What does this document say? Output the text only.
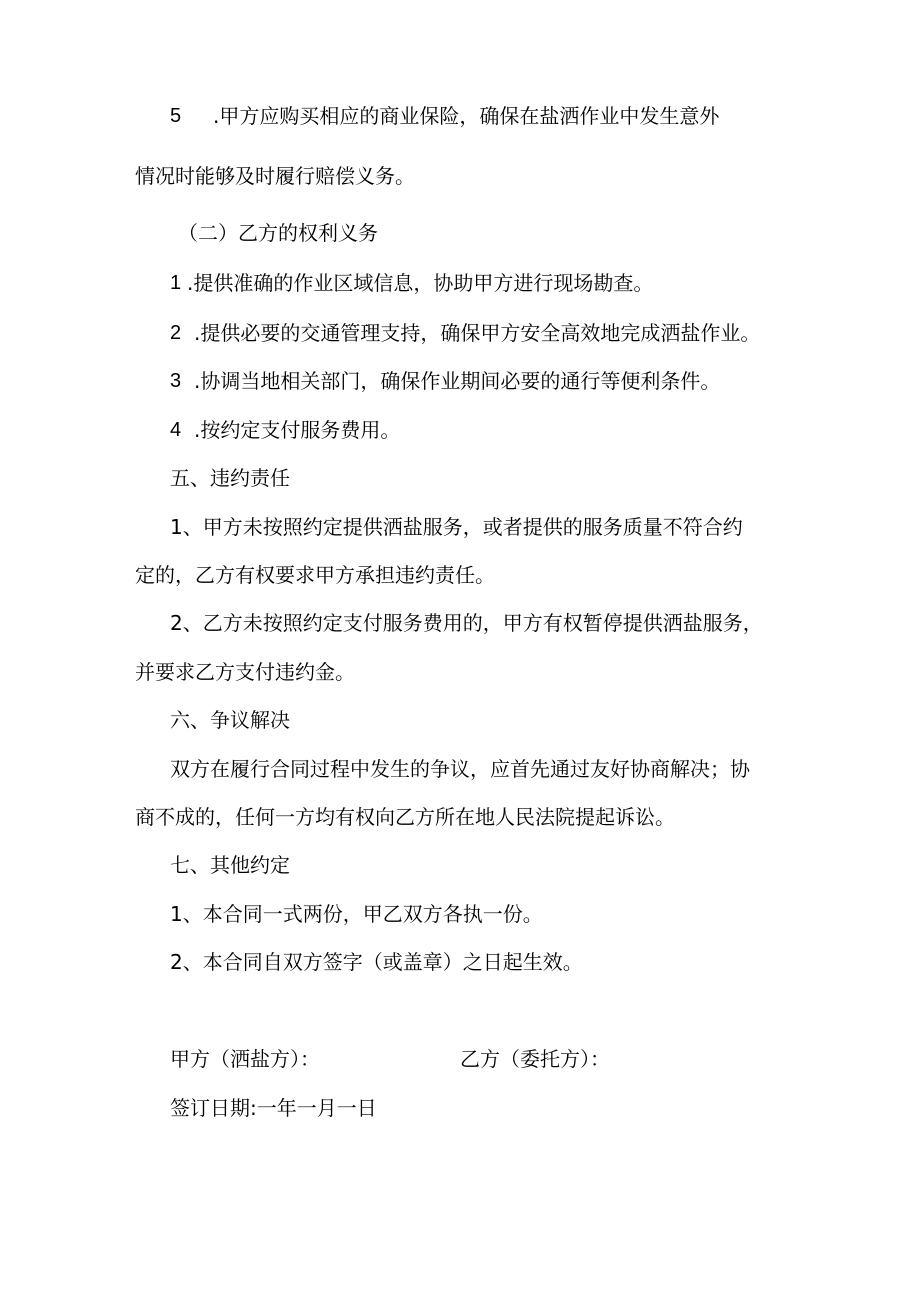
5 .甲方应购买相应的商业保险，确保在盐洒作业中发生意外
情况时能够及时履行赔偿义务。
（二）乙方的权利义务
1 .提供准确的作业区域信息，协助甲方进行现场勘查。
2 .提供必要的交通管理支持，确保甲方安全高效地完成洒盐作业。
3 .协调当地相关部门，确保作业期间必要的通行等便利条件。
4 .按约定支付服务费用。
五、违约责任
1、甲方未按照约定提供洒盐服务，或者提供的服务质量不符合约
定的，乙方有权要求甲方承担违约责任。
2、乙方未按照约定支付服务费用的，甲方有权暂停提供洒盐服务，
并要求乙方支付违约金。
六、争议解决
双方在履行合同过程中发生的争议，应首先通过友好协商解决；协
商不成的，任何一方均有权向乙方所在地人民法院提起诉讼。
七、其他约定
1、本合同一式两份，甲乙双方各执一份。
2、本合同自双方签字（或盖章）之日起生效。
甲方（洒盐方）：	乙方（委托方）：
签订日期:一年一月一日
